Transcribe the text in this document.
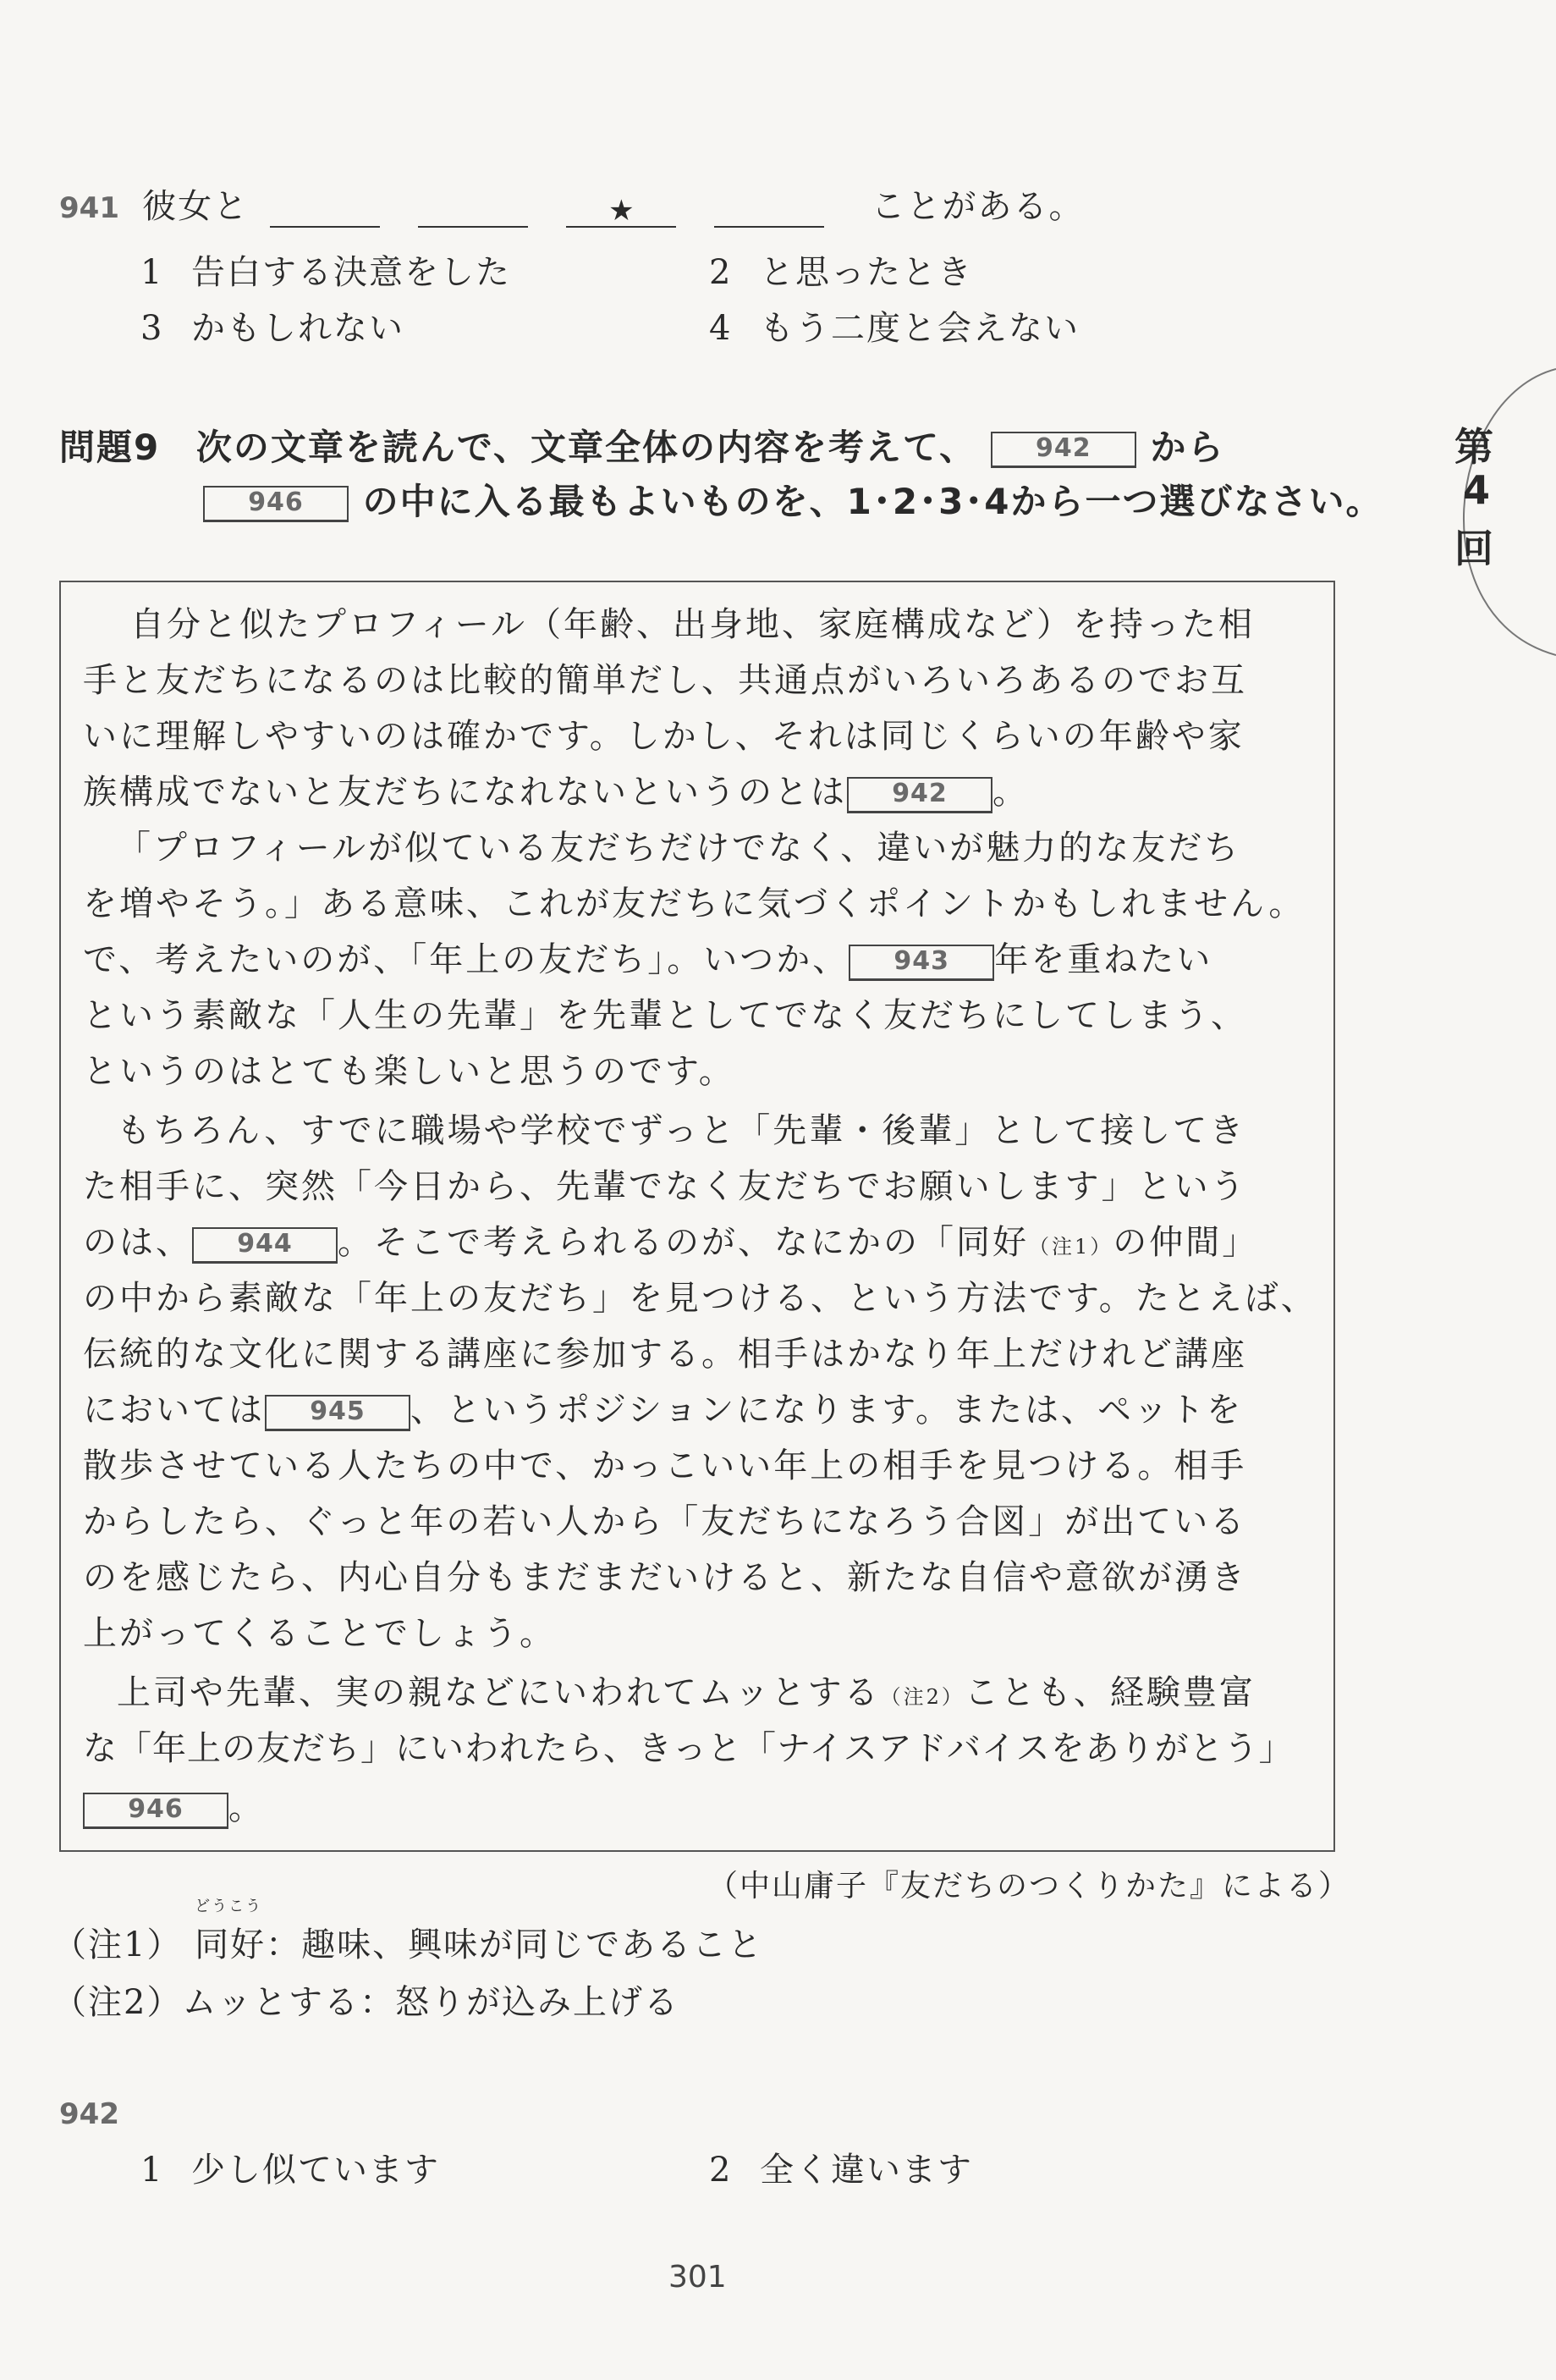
941 彼女と	★	ことがある。
1 告白する決意をした	2 と思ったとき
3 かもしれない	4 もう二度と会えない
問題9 次の文章を読んで、文章全体の内容を考えて、 942 から
946 の中に入る最もよいものを、1･2･3･4から一つ選びなさい。
第
4
回
自分と似たプロフィール（年齢、出身地、家庭構成など）を持った相
手と友だちになるのは比較的簡単だし、共通点がいろいろあるのでお互
いに理解しやすいのは確かです。しかし、それは同じくらいの年齢や家
族構成でないと友だちになれないというのとは 942 。
「プロフィールが似ている友だちだけでなく、違いが魅力的な友だち
を増やそう。」ある意味、これが友だちに気づくポイントかもしれません。
で、考えたいのが、「年上の友だち」。いつか、 943 年を重ねたい
という素敵な「人生の先輩」を先輩としてでなく友だちにしてしまう、
というのはとても楽しいと思うのです。
もちろん、すでに職場や学校でずっと「先輩・後輩」として接してき
た相手に、突然「今日から、先輩でなく友だちでお願いします」という
のは、 944 。そこで考えられるのが、なにかの「同好（注1）の仲間」
の中から素敵な「年上の友だち」を見つける、という方法です。たとえば、
伝統的な文化に関する講座に参加する。相手はかなり年上だけれど講座
においては 945 、というポジションになります。または、ペットを
散歩させている人たちの中で、かっこいい年上の相手を見つける。相手
からしたら、ぐっと年の若い人から「友だちになろう合図」が出ている
のを感じたら、内心自分もまだまだいけると、新たな自信や意欲が湧き
上がってくることでしょう。
上司や先輩、実の親などにいわれてムッとする（注2）ことも、経験豊富
な「年上の友だち」にいわれたら、きっと「ナイスアドバイスをありがとう」
946 。
（中山庸子『友だちのつくりかた』による）
（注1）
どうこう
同好：趣味、興味が同じであること
（注2）ムッとする：怒りが込み上げる
942
1 少し似ています	2 全く違います
301
